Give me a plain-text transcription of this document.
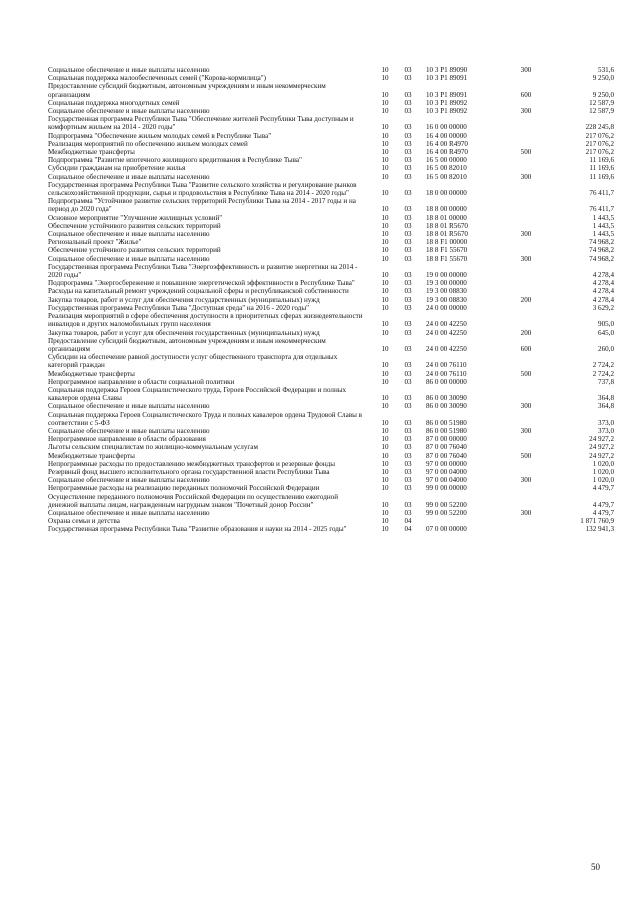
Социальное обеспечение и иные выплаты населению	10	03	10 3 P1 89090	300	531,6
Социальная поддержка малообеспеченных семей ("Корова-кормилица")	10	03	10 3 P1 89091		9 250,0
Предоставление субсидий бюджетным, автономным учреждениям и иным некоммерческим организациям	10	03	10 3 P1 89091	600	9 250,0
Социальная поддержка многодетных семей	10	03	10 3 P1 89092		12 587,9
Социальное обеспечение и иные выплаты населению	10	03	10 3 P1 89092	300	12 587,9
Государственная программа Республики Тыва "Обеспечение жителей Республики Тыва доступным и комфортным жильем на 2014 - 2020 годы"	10	03	16 0 00 00000		228 245,8
Подпрограмма "Обеспечение жильем молодых семей в Республике Тыва"	10	03	16 4 00 00000		217 076,2
Реализация мероприятий по обеспечению жильем молодых семей	10	03	16 4 00 R4970		217 076,2
Межбюджетные трансферты	10	03	16 4 00 R4970	500	217 076,2
Подпрограмма "Развитие ипотечного жилищного кредитования в Республике Тыва"	10	03	16 5 00 00000		11 169,6
Субсидии гражданам на приобретение жилья	10	03	16 5 00 82010		11 169,6
Социальное обеспечение и иные выплаты населению	10	03	16 5 00 82010	300	11 169,6
Государственная программа Республики Тыва "Развитие сельского хозяйства и регулирование рынков сельскохозяйственной продукции, сырья и продовольствия в Республике Тыва на 2014 - 2020 годы"	10	03	18 0 00 00000		76 411,7
Подпрограмма "Устойчивое развитие сельских территорий Республики Тыва на 2014 - 2017 годы и на период до 2020 года"	10	03	18 8 00 00000		76 411,7
Основное мероприятие "Улучшение жилищных условий"	10	03	18 8 01 00000		1 443,5
Обеспечение устойчивого развития сельских территорий	10	03	18 8 01 R5670		1 443,5
Социальное обеспечение и иные выплаты населению	10	03	18 8 01 R5670	300	1 443,5
Региональный проект "Жилье"	10	03	18 8 F1 00000		74 968,2
Обеспечение устойчивого развития сельских территорий	10	03	18 8 F1 55670		74 968,2
Социальное обеспечение и иные выплаты населению	10	03	18 8 F1 55670	300	74 968,2
Государственная программа Республики Тыва "Энергоэффективность и развитие энергетики на 2014 - 2020 годы"	10	03	19 0 00 00000		4 278,4
Подпрограмма "Энергосбережение и повышение энергетической эффективности в Республике Тыва"	10	03	19 3 00 00000		4 278,4
Расходы на капитальный ремонт учреждений социальной сферы и республиканской собственности	10	03	19 3 00 08830		4 278,4
Закупка товаров, работ и услуг для обеспечения государственных (муниципальных) нужд	10	03	19 3 00 08830	200	4 278,4
Государственная программа Республики Тыва "Доступная среда" на 2016 - 2020 годы"	10	03	24 0 00 00000		3 629,2
Реализация мероприятий в сфере обеспечения доступности в приоритетных сферах жизнедеятельности инвалидов и других маломобильных групп населения	10	03	24 0 00 42250		905,0
Закупка товаров, работ и услуг для обеспечения государственных (муниципальных) нужд	10	03	24 0 00 42250	200	645,0
Предоставление субсидий бюджетным, автономным учреждениям и иным некоммерческим организациям	10	03	24 0 00 42250	600	260,0
Субсидии на обеспечение равной доступности услуг общественного транспорта для отдельных категорий граждан	10	03	24 0 00 76110		2 724,2
Межбюджетные трансферты	10	03	24 0 00 76110	500	2 724,2
Непрограммное направление в области социальной политики	10	03	86 0 00 00000		737,8
Социальная поддержка Героев Социалистического труда, Героев Российской Федерации и полных кавалеров ордена Славы	10	03	86 0 00 30090		364,8
Социальное обеспечение и иные выплаты населению	10	03	86 0 00 30090	300	364,8
Социальная поддержка Героев Социалистического Труда и полных кавалеров ордена Трудовой Славы в соответствии с 5-ФЗ	10	03	86 0 00 51980		373,0
Социальное обеспечение и иные выплаты населению	10	03	86 0 00 51980	300	373,0
Непрограммное направление в области образования	10	03	87 0 00 00000		24 927,2
Льготы сельским специалистам по жилищно-коммунальным услугам	10	03	87 0 00 76040		24 927,2
Межбюджетные трансферты	10	03	87 0 00 76040	500	24 927,2
Непрограммные расходы по предоставлению межбюджетных трансфертов и резервные фонды	10	03	97 0 00 00000		1 020,0
Резервный фонд высшего исполнительного органа государственной власти Республики Тыва	10	03	97 0 00 04000		1 020,0
Социальное обеспечение и иные выплаты населению	10	03	97 0 00 04000	300	1 020,0
Непрограммные расходы на реализацию переданных полномочий Российской Федерации	10	03	99 0 00 00000		4 479,7
Осуществление переданного полномочия Российской Федерации по осуществлению ежегодной денежной выплаты лицам, награжденным нагрудным знаком "Почетный донор России"	10	03	99 0 00 52200		4 479,7
Социальное обеспечение и иные выплаты населению	10	03	99 0 00 52200	300	4 479,7
Охрана семьи и детства	10	04			1 871 760,9
Государственная программа Республики Тыва "Развитие образования и науки на 2014 - 2025 годы"	10	04	07 0 00 00000		132 941,3
50
